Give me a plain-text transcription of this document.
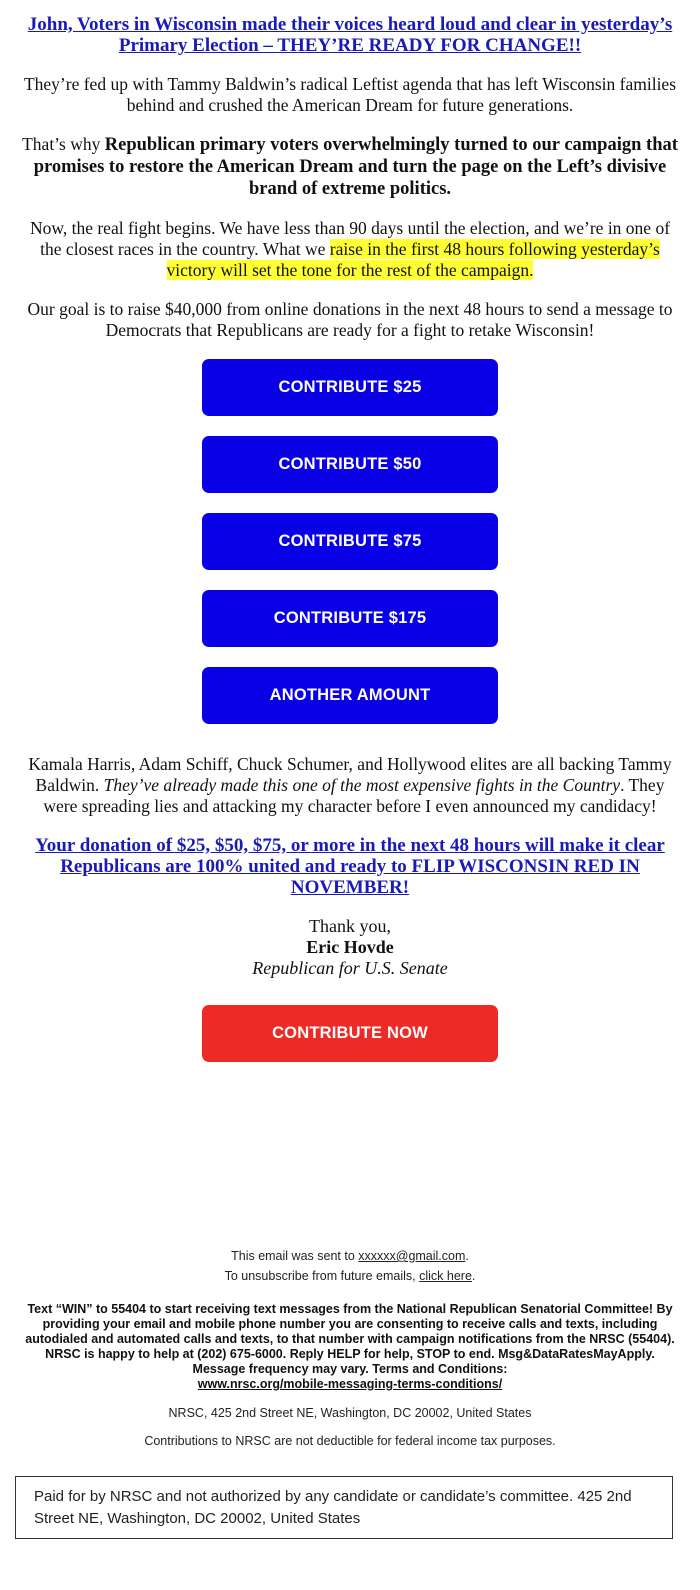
John, Voters in Wisconsin made their voices heard loud and clear in yesterday’s Primary Election – THEY’RE READY FOR CHANGE!!

They’re fed up with Tammy Baldwin’s radical Leftist agenda that has left Wisconsin families behind and crushed the American Dream for future generations.

That’s why Republican primary voters overwhelmingly turned to our campaign that promises to restore the American Dream and turn the page on the Left’s divisive brand of extreme politics.

Now, the real fight begins. We have less than 90 days until the election, and we’re in one of the closest races in the country. What we raise in the first 48 hours following yesterday’s victory will set the tone for the rest of the campaign.

Our goal is to raise $40,000 from online donations in the next 48 hours to send a message to Democrats that Republicans are ready for a fight to retake Wisconsin!

CONTRIBUTE $25
CONTRIBUTE $50
CONTRIBUTE $75
CONTRIBUTE $175
ANOTHER AMOUNT

Kamala Harris, Adam Schiff, Chuck Schumer, and Hollywood elites are all backing Tammy Baldwin. They’ve already made this one of the most expensive fights in the Country. They were spreading lies and attacking my character before I even announced my candidacy!

Your donation of $25, $50, $75, or more in the next 48 hours will make it clear Republicans are 100% united and ready to FLIP WISCONSIN RED IN NOVEMBER!
Thank you,
Eric Hovde
Republican for U.S. Senate
CONTRIBUTE NOW

This email was sent to xxxxxx@gmail.com.

To unsubscribe from future emails, click here.

Text “WIN” to 55404 to start receiving text messages from the National Republican Senatorial Committee! By providing your email and mobile phone number you are consenting to receive calls and texts, including autodialed and automated calls and texts, to that number with campaign notifications from the NRSC (55404). NRSC is happy to help at (202) 675-6000. Reply HELP for help, STOP to end. Msg&DataRatesMayApply. Message frequency may vary. Terms and Conditions:
www.nrsc.org/mobile-messaging-terms-conditions/

NRSC, 425 2nd Street NE, Washington, DC 20002, United States

Contributions to NRSC are not deductible for federal income tax purposes.

Paid for by NRSC and not authorized by any candidate or candidate’s committee. 425 2nd Street NE, Washington, DC 20002, United States
